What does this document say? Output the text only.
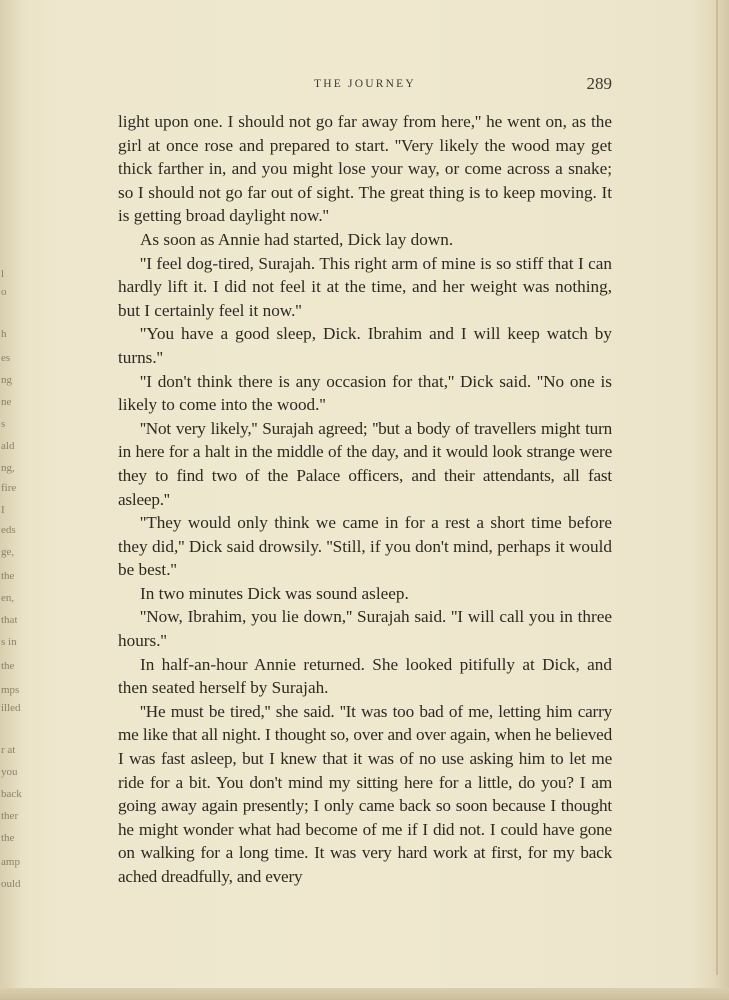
l
o
h
es
ng
ne
s
ald
ng,
fire
I
eds
ge,
the
en,
that
s in
the
mps
illed
r at
you
back
ther
the
amp
ould
THE JOURNEY	289

light upon one. I should not go far away from here,'' he went on, as the girl at once rose and prepared to start. ''Very likely the wood may get thick farther in, and you might lose your way, or come across a snake; so I should not go far out of sight. The great thing is to keep moving. It is getting broad daylight now.''

As soon as Annie had started, Dick lay down.

''I feel dog-tired, Surajah. This right arm of mine is so stiff that I can hardly lift it. I did not feel it at the time, and her weight was nothing, but I certainly feel it now.''

''You have a good sleep, Dick. Ibrahim and I will keep watch by turns.''

''I don't think there is any occasion for that,'' Dick said. ''No one is likely to come into the wood.''

''Not very likely,'' Surajah agreed; ''but a body of travellers might turn in here for a halt in the middle of the day, and it would look strange were they to find two of the Palace officers, and their attendants, all fast asleep.''

''They would only think we came in for a rest a short time before they did,'' Dick said drowsily. ''Still, if you don't mind, perhaps it would be best.''

In two minutes Dick was sound asleep.

''Now, Ibrahim, you lie down,'' Surajah said. ''I will call you in three hours.''

In half-an-hour Annie returned. She looked pitifully at Dick, and then seated herself by Surajah.

''He must be tired,'' she said. ''It was too bad of me, letting him carry me like that all night. I thought so, over and over again, when he believed I was fast asleep, but I knew that it was of no use asking him to let me ride for a bit. You don't mind my sitting here for a little, do you? I am going away again presently; I only came back so soon because I thought he might wonder what had become of me if I did not. I could have gone on walking for a long time. It was very hard work at first, for my back ached dreadfully, and every
